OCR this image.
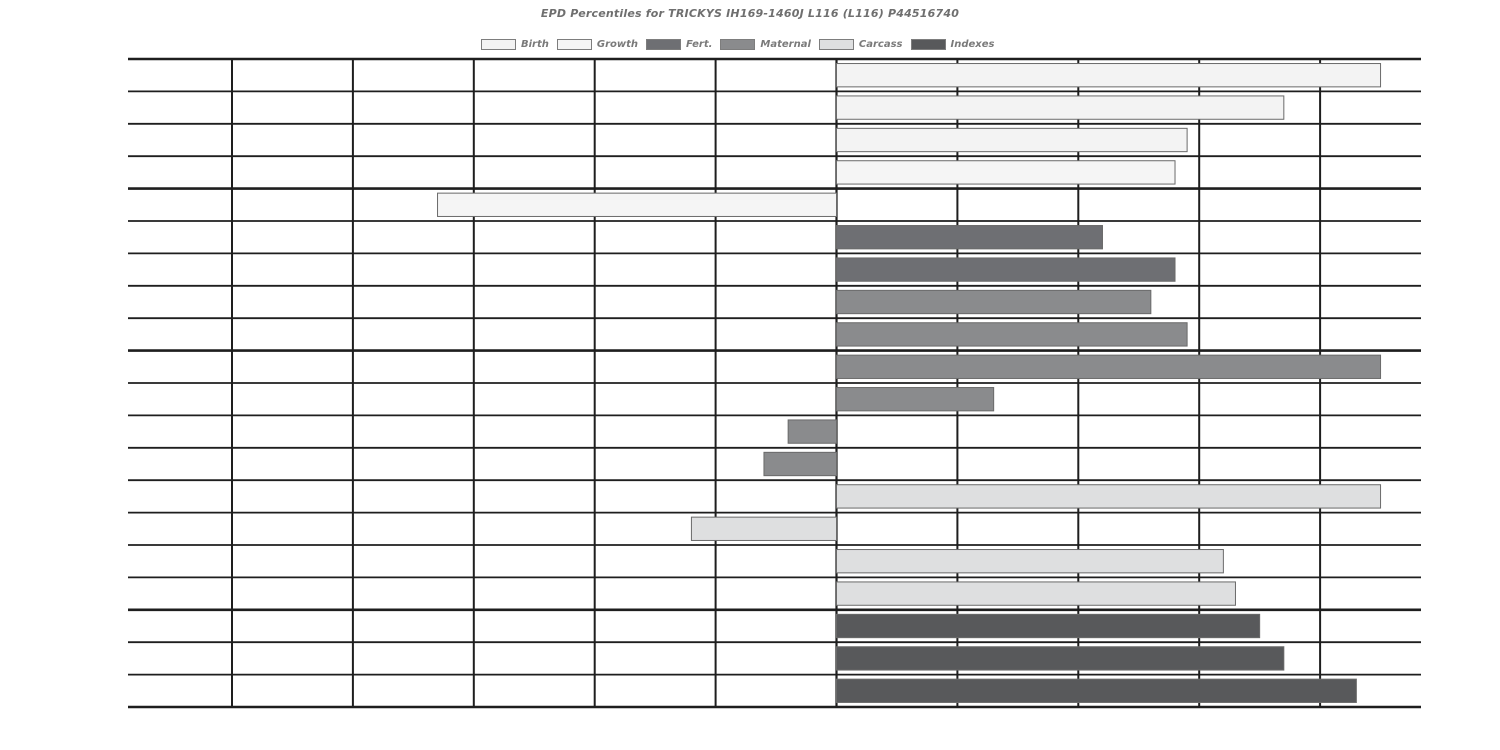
EPD Percentiles for TRICKYS IH169-1460J L116 (L116) P44516740
Birth	Growth	Fert.	Maternal	Carcass	Indexes
